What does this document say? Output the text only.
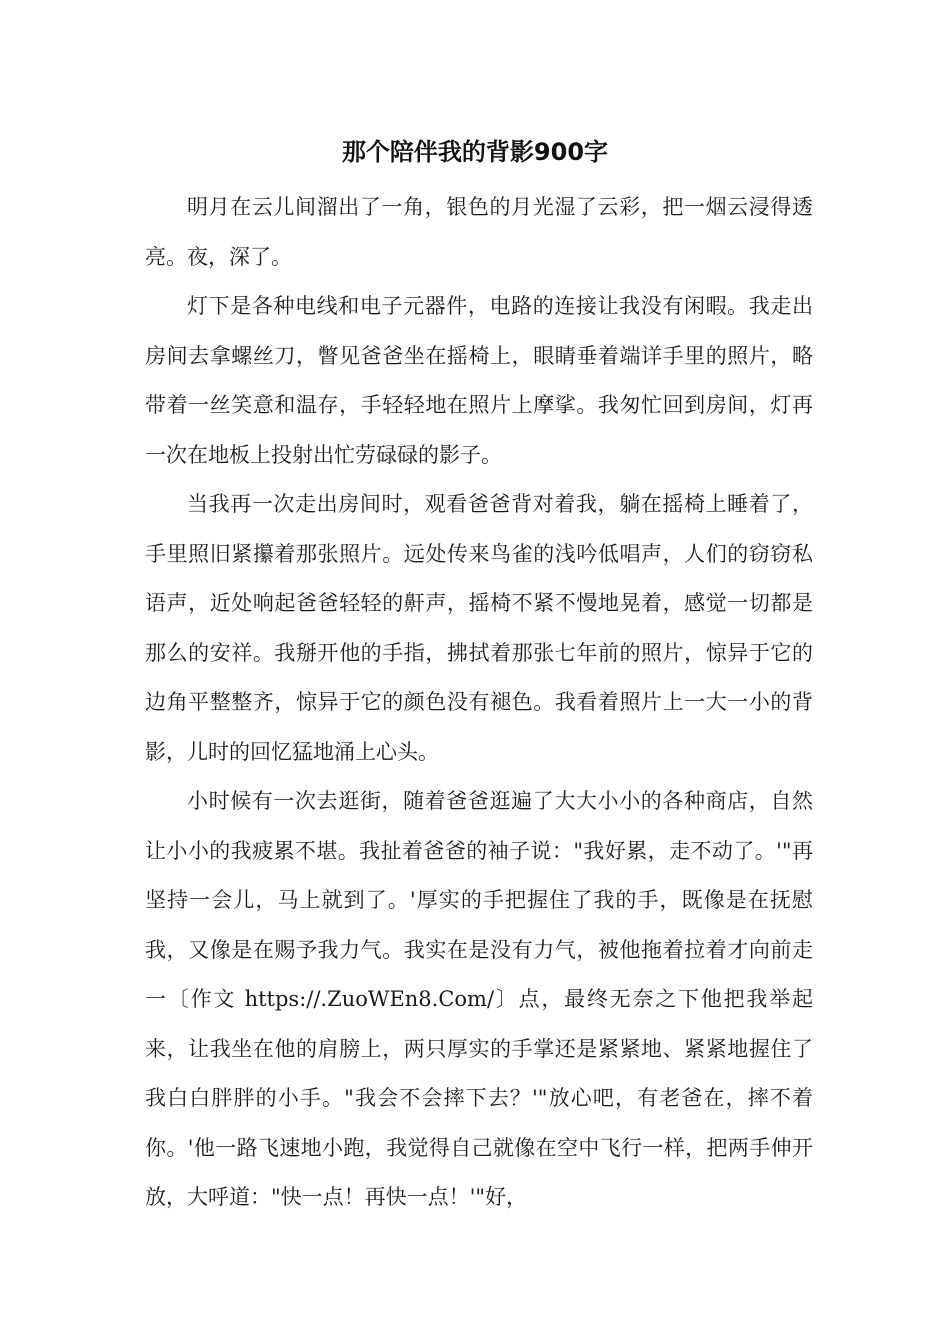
那个陪伴我的背影900字

明月在云儿间溜出了一角，银色的月光湿了云彩，把一烟云浸得透亮。夜，深了。

灯下是各种电线和电子元器件，电路的连接让我没有闲暇。我走出房间去拿螺丝刀，瞥见爸爸坐在摇椅上，眼睛垂着端详手里的照片，略带着一丝笑意和温存，手轻轻地在照片上摩挲。我匆忙回到房间，灯再一次在地板上投射出忙劳碌碌的影子。

当我再一次走出房间时，观看爸爸背对着我，躺在摇椅上睡着了，手里照旧紧攥着那张照片。远处传来鸟雀的浅吟低唱声，人们的窃窃私语声，近处响起爸爸轻轻的鼾声，摇椅不紧不慢地晃着，感觉一切都是那么的安祥。我掰开他的手指，拂拭着那张七年前的照片，惊异于它的边角平整整齐，惊异于它的颜色没有褪色。我看着照片上一大一小的背影，儿时的回忆猛地涌上心头。

小时候有一次去逛街，随着爸爸逛遍了大大小小的各种商店，自然让小小的我疲累不堪。我扯着爸爸的袖子说："我好累，走不动了。'"再坚持一会儿，马上就到了。'厚实的手把握住了我的手，既像是在抚慰我，又像是在赐予我力气。我实在是没有力气，被他拖着拉着才向前走一〔作文 https://.ZuoWEn8.Com/〕点，最终无奈之下他把我举起来，让我坐在他的肩膀上，两只厚实的手掌还是紧紧地、紧紧地握住了我白白胖胖的小手。"我会不会摔下去？'"放心吧，有老爸在，摔不着你。'他一路飞速地小跑，我觉得自己就像在空中飞行一样，把两手伸开放，大呼道："快一点！再快一点！'"好，
